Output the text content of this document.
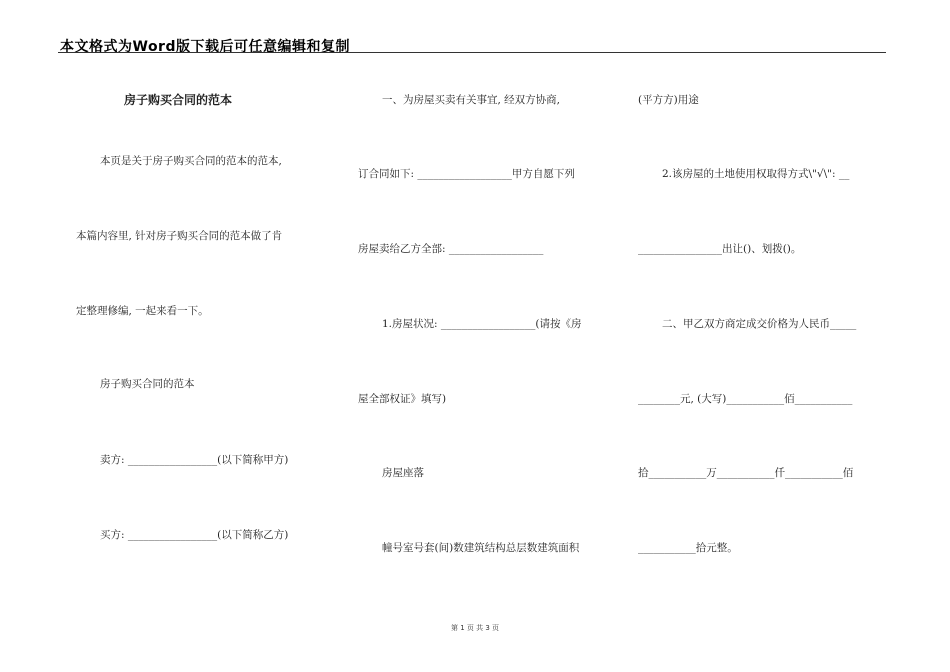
本文格式为Word版下载后可任意编辑和复制
房子购买合同的范本
本页是关于房子购买合同的范本的范本,
本篇内容里, 针对房子购买合同的范本做了肯
定整理修编, 一起来看一下。
房子购买合同的范本
卖方: _________________(以下简称甲方)
买方: _________________(以下简称乙方)
一、为房屋买卖有关事宜, 经双方协商,
订合同如下: __________________甲方自愿下列
房屋卖给乙方全部: __________________
1.房屋状况: __________________(请按《房
屋全部权证》填写)
房屋座落
幢号室号套(间)数建筑结构总层数建筑面积
(平方方)用途
2.该房屋的土地使用权取得方式\"√\": __
________________出让()、划拨()。
二、甲乙双方商定成交价格为人民币_____
________元, (大写)___________佰___________
拾___________万___________仟___________佰
___________拾元整。
第 1 页 共 3 页
